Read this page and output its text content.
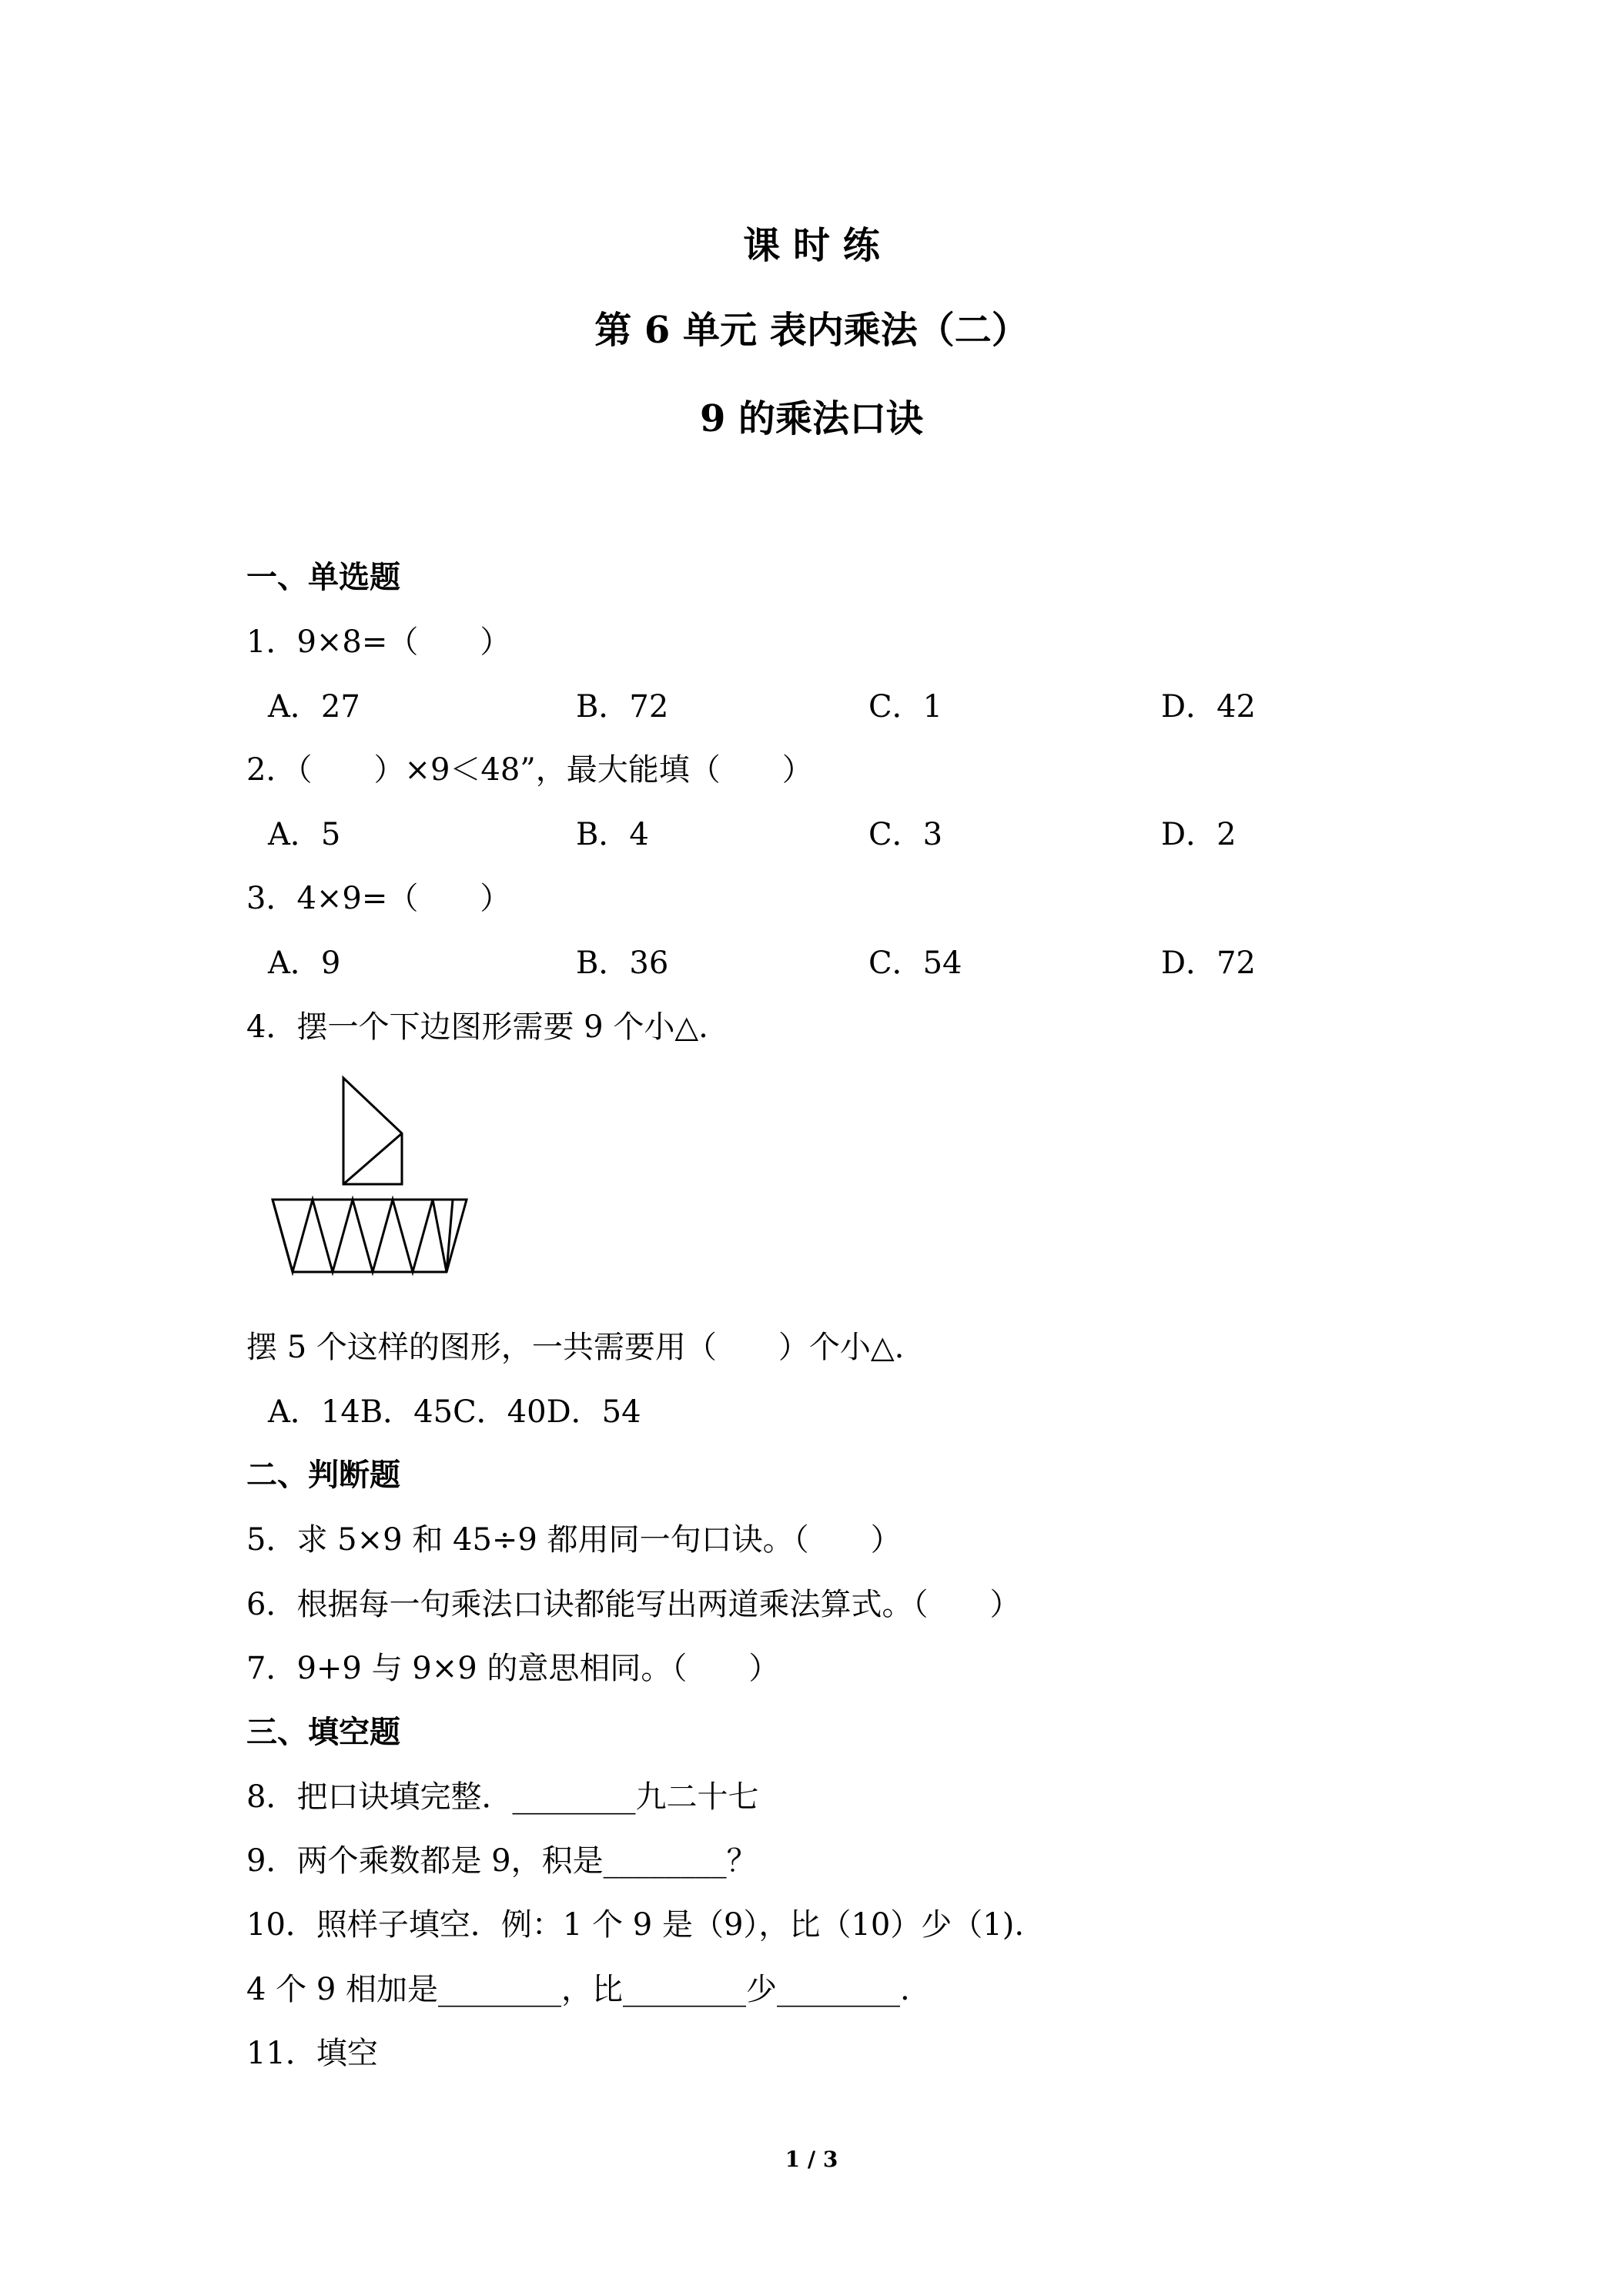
课 时 练
第 6 单元 表内乘法（二）
9 的乘法口诀
一、单选题
1．9×8=（　　）
A．27	B．72	C．1	D．42
2．（　　）×9＜48”，最大能填（　　）
A．5	B．4	C．3	D．2
3．4×9=（　　）
A．9	B．36	C．54	D．72
4．摆一个下边图形需要 9 个小△.
摆 5 个这样的图形，一共需要用（　　）个小△.
A．14B．45C．40D．54
二、判断题
5．求 5×9 和 45÷9 都用同一句口诀。（　　）
6．根据每一句乘法口诀都能写出两道乘法算式。（　　）
7．9+9 与 9×9 的意思相同。（　　）
三、填空题
8．把口诀填完整．________九二十七
9．两个乘数都是 9，积是________？
10．照样子填空．例：1 个 9 是（9），比（10）少（1).
4 个 9 相加是________，比________少________.
11．填空
1 / 3
